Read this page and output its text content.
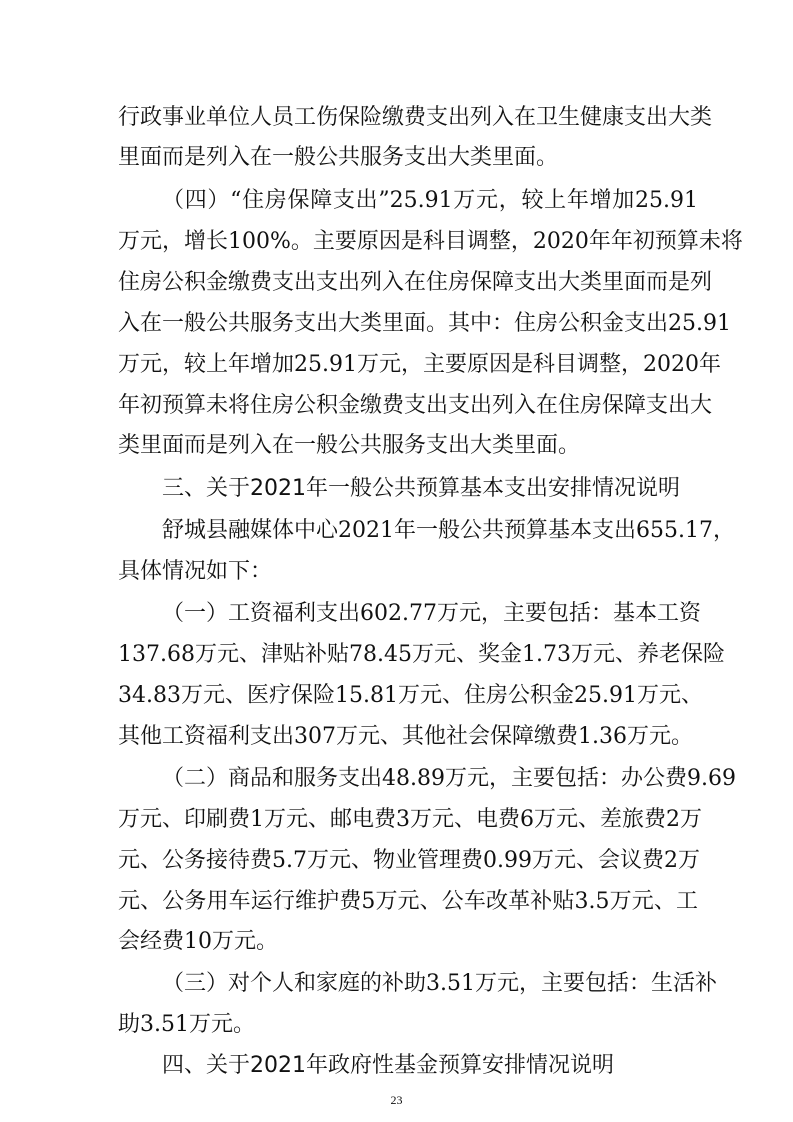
行政事业单位人员工伤保险缴费支出列入在卫生健康支出大类
里面而是列入在一般公共服务支出大类里面。
（四）“住房保障支出”25.91万元，较上年增加25.91
万元，增长100%。主要原因是科目调整，2020年年初预算未将
住房公积金缴费支出支出列入在住房保障支出大类里面而是列
入在一般公共服务支出大类里面。其中：住房公积金支出25.91
万元，较上年增加25.91万元，主要原因是科目调整，2020年
年初预算未将住房公积金缴费支出支出列入在住房保障支出大
类里面而是列入在一般公共服务支出大类里面。
三、关于2021年一般公共预算基本支出安排情况说明
舒城县融媒体中心2021年一般公共预算基本支出655.17，
具体情况如下：
（一）工资福利支出602.77万元，主要包括：基本工资
137.68万元、津贴补贴78.45万元、奖金1.73万元、养老保险
34.83万元、医疗保险15.81万元、住房公积金25.91万元、
其他工资福利支出307万元、其他社会保障缴费1.36万元。
（二）商品和服务支出48.89万元，主要包括：办公费9.69
万元、印刷费1万元、邮电费3万元、电费6万元、差旅费2万
元、公务接待费5.7万元、物业管理费0.99万元、会议费2万
元、公务用车运行维护费5万元、公车改革补贴3.5万元、工
会经费10万元。
（三）对个人和家庭的补助3.51万元，主要包括：生活补
助3.51万元。
四、关于2021年政府性基金预算安排情况说明
23
